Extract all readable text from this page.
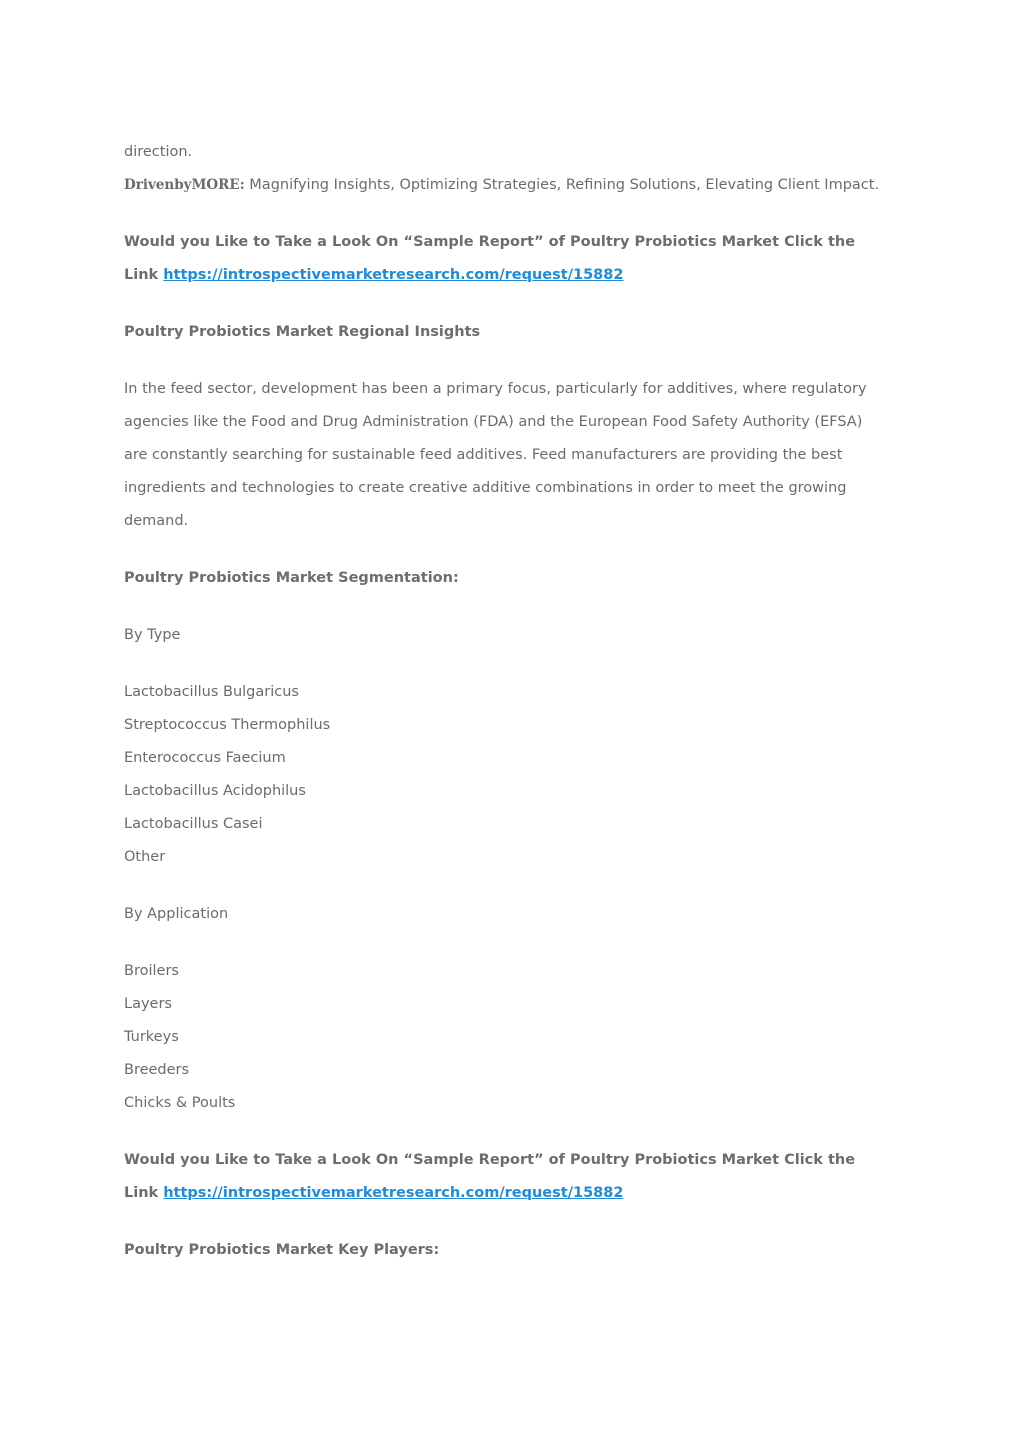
direction.
DrivenbyMORE: Magnifying Insights, Optimizing Strategies, Refining Solutions, Elevating Client Impact.
Would you Like to Take a Look On “Sample Report” of Poultry Probiotics Market Click the
Link https://introspectivemarketresearch.com/request/15882
Poultry Probiotics Market Regional Insights
In the feed sector, development has been a primary focus, particularly for additives, where regulatory
agencies like the Food and Drug Administration (FDA) and the European Food Safety Authority (EFSA)
are constantly searching for sustainable feed additives. Feed manufacturers are providing the best
ingredients and technologies to create creative additive combinations in order to meet the growing
demand.
Poultry Probiotics Market Segmentation:
By Type
Lactobacillus Bulgaricus
Streptococcus Thermophilus
Enterococcus Faecium
Lactobacillus Acidophilus
Lactobacillus Casei
Other
By Application
Broilers
Layers
Turkeys
Breeders
Chicks & Poults
Would you Like to Take a Look On “Sample Report” of Poultry Probiotics Market Click the
Link https://introspectivemarketresearch.com/request/15882
Poultry Probiotics Market Key Players:
